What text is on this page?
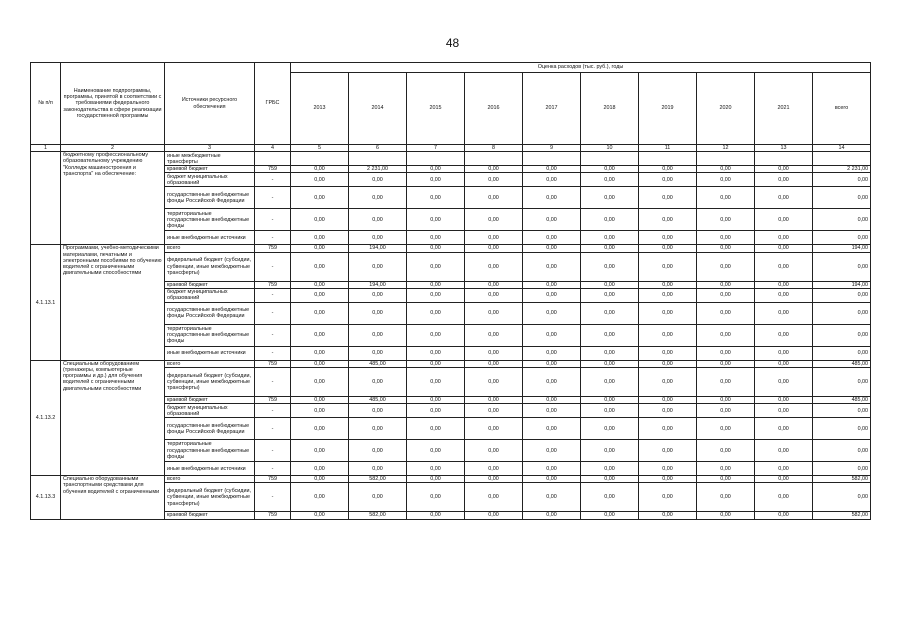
48
№ п/п	Наименование подпрограммы, программы, принятой в соответствии с требованиями федерального законодательства в сфере реализации государственной программы	Источники ресурсного обеспечения	ГРБС	Оценка расходов (тыс. руб.), годы									
				2013	2014	2015	2016	2017	2018	2019	2020	2021	всего
1	2	3	4	5	6	7	8	9	10	11	12	13	14
	бюджетному профессиональному образовательному учреждению "Колледж машиностроения и транспорта" на обеспечение:	иные межбюджетные трансферты											
		краевой бюджет	759	0,00	2 231,00	0,00	0,00	0,00	0,00	0,00	0,00	0,00	2 231,00
		бюджет муниципальных образований	-	0,00	0,00	0,00	0,00	0,00	0,00	0,00	0,00	0,00	0,00
		государственные внебюджетные фонды Российской Федерации	-	0,00	0,00	0,00	0,00	0,00	0,00	0,00	0,00	0,00	0,00
		территориальные государственные внебюджетные фонды	-	0,00	0,00	0,00	0,00	0,00	0,00	0,00	0,00	0,00	0,00
		иные внебюджетные источники	-	0,00	0,00	0,00	0,00	0,00	0,00	0,00	0,00	0,00	0,00
4.1.13.1	Программами, учебно-методическими материалами, печатными и электронными пособиями по обучению водителей с ограниченными двигательными способностями	всего	759	0,00	194,00	0,00	0,00	0,00	0,00	0,00	0,00	0,00	194,00
		федеральный бюджет (субсидии, субвенции, иные межбюджетные трансферты)	-	0,00	0,00	0,00	0,00	0,00	0,00	0,00	0,00	0,00	0,00
		краевой бюджет	759	0,00	194,00	0,00	0,00	0,00	0,00	0,00	0,00	0,00	194,00
		бюджет муниципальных образований	-	0,00	0,00	0,00	0,00	0,00	0,00	0,00	0,00	0,00	0,00
		государственные внебюджетные фонды Российской Федерации	-	0,00	0,00	0,00	0,00	0,00	0,00	0,00	0,00	0,00	0,00
		территориальные государственные внебюджетные фонды	-	0,00	0,00	0,00	0,00	0,00	0,00	0,00	0,00	0,00	0,00
		иные внебюджетные источники	-	0,00	0,00	0,00	0,00	0,00	0,00	0,00	0,00	0,00	0,00
4.1.13.2	Специальным оборудованием (тренажеры, компьютерные программы и др.) для обучения водителей с ограниченными двигательными способностями	всего	759	0,00	485,00	0,00	0,00	0,00	0,00	0,00	0,00	0,00	485,00
		федеральный бюджет (субсидии, субвенции, иные межбюджетные трансферты)	-	0,00	0,00	0,00	0,00	0,00	0,00	0,00	0,00	0,00	0,00
		краевой бюджет	759	0,00	485,00	0,00	0,00	0,00	0,00	0,00	0,00	0,00	485,00
		бюджет муниципальных образований	-	0,00	0,00	0,00	0,00	0,00	0,00	0,00	0,00	0,00	0,00
		государственные внебюджетные фонды Российской Федерации	-	0,00	0,00	0,00	0,00	0,00	0,00	0,00	0,00	0,00	0,00
		территориальные государственные внебюджетные фонды	-	0,00	0,00	0,00	0,00	0,00	0,00	0,00	0,00	0,00	0,00
		иные внебюджетные источники	-	0,00	0,00	0,00	0,00	0,00	0,00	0,00	0,00	0,00	0,00
4.1.13.3	Специально оборудованными транспортными средствами для обучения водителей с ограниченными	всего	759	0,00	582,00	0,00	0,00	0,00	0,00	0,00	0,00	0,00	582,00
		федеральный бюджет (субсидии, субвенции, иные межбюджетные трансферты)	-	0,00	0,00	0,00	0,00	0,00	0,00	0,00	0,00	0,00	0,00
		краевой бюджет	759	0,00	582,00	0,00	0,00	0,00	0,00	0,00	0,00	0,00	582,00
